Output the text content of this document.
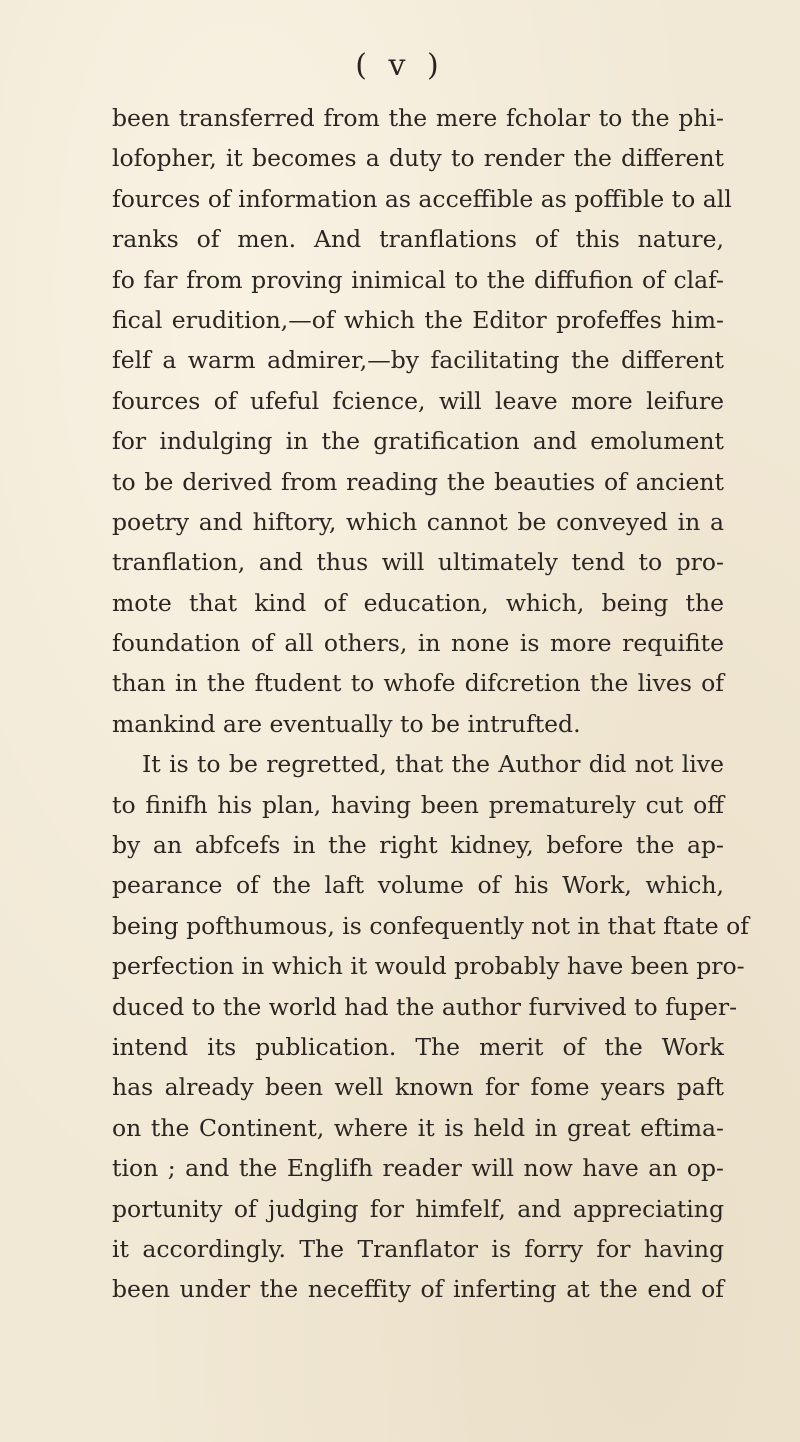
( v )
been transferred from the mere fcholar to the phi-
lofopher, it becomes a duty to render the different
fources of information as acceffible as poffible to all
ranks of men. And tranflations of this nature,
fo far from proving inimical to the diffufion of claf-
fical erudition,—of which the Editor profeffes him-
felf a warm admirer,—by facilitating the different
fources of ufeful fcience, will leave more leifure
for indulging in the gratification and emolument
to be derived from reading the beauties of ancient
poetry and hiftory, which cannot be conveyed in a
tranflation, and thus will ultimately tend to pro-
mote that kind of education, which, being the
foundation of all others, in none is more requifite
than in the ftudent to whofe difcretion the lives of
mankind are eventually to be intrufted.
It is to be regretted, that the Author did not live
to finifh his plan, having been prematurely cut off
by an abfcefs in the right kidney, before the ap-
pearance of the laft volume of his Work, which,
being pofthumous, is confequently not in that ftate of
perfection in which it would probably have been pro-
duced to the world had the author furvived to fuper-
intend its publication. The merit of the Work
has already been well known for fome years paft
on the Continent, where it is held in great eftima-
tion ; and the Englifh reader will now have an op-
portunity of judging for himfelf, and appreciating
it accordingly. The Tranflator is forry for having
been under the neceffity of inferting at the end of
